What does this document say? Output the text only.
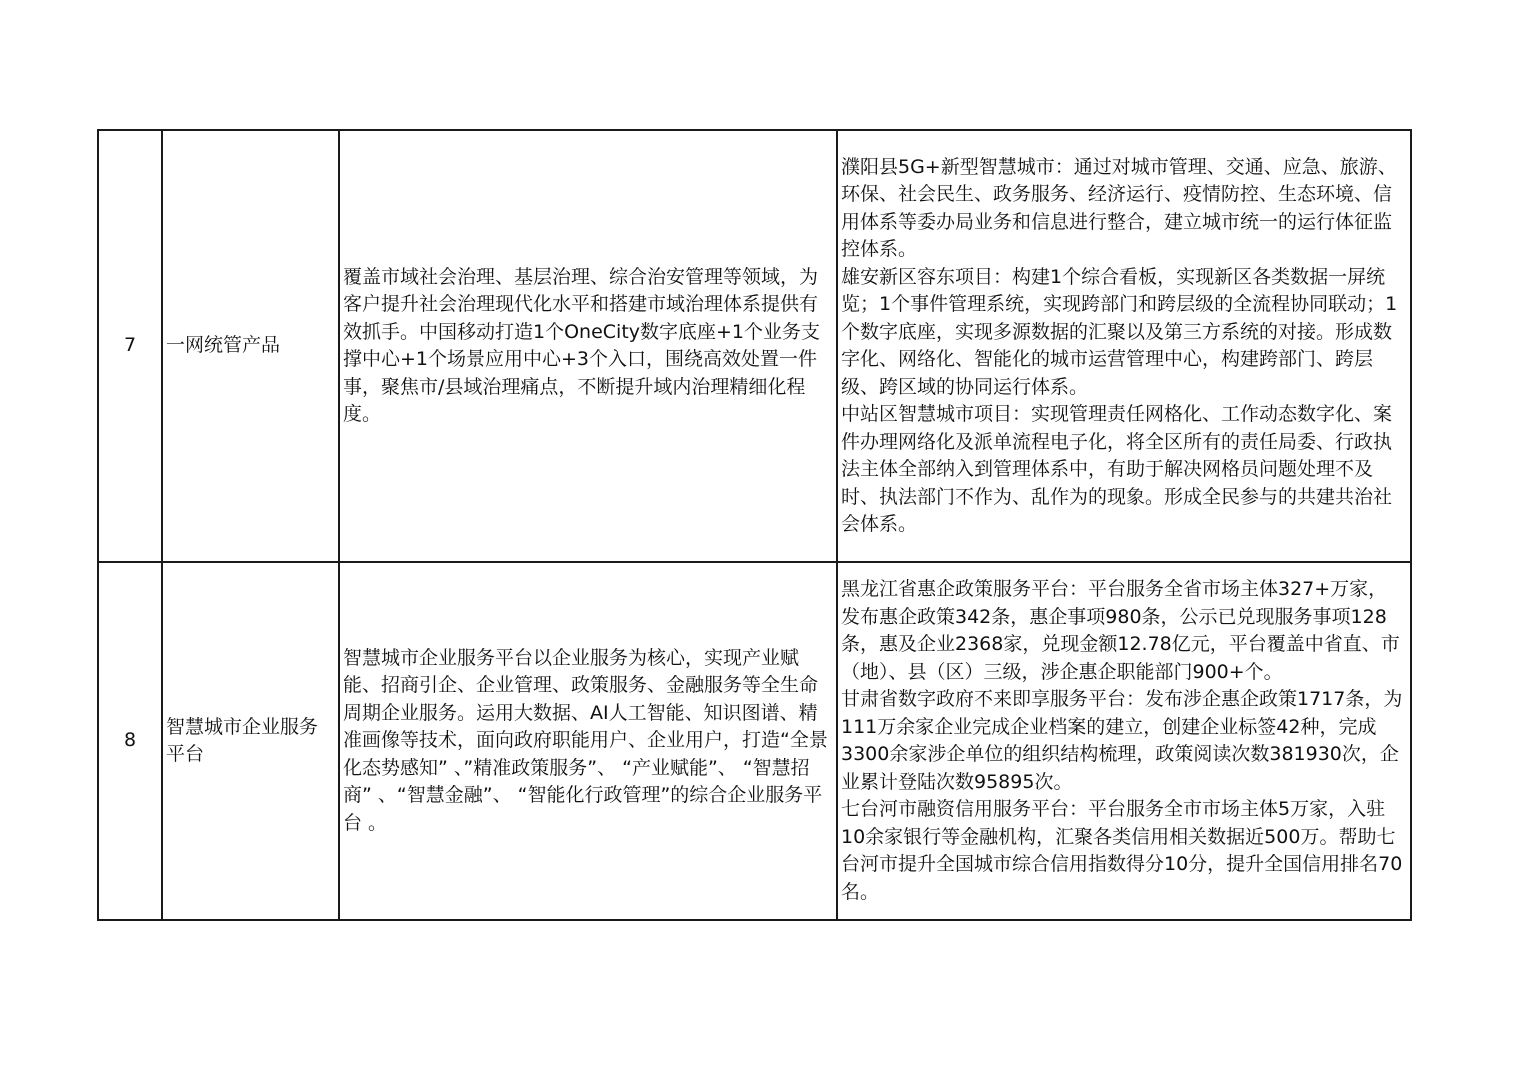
7	一网统管产品	覆盖市域社会治理、基层治理、综合治安管理等领域，为客户提升社会治理现代化水平和搭建市域治理体系提供有效抓手。中国移动打造1个OneCity数字底座+1个业务支撑中心+1个场景应用中心+3个入口，围绕高效处置一件事，聚焦市/县域治理痛点，不断提升域内治理精细化程度。	濮阳县5G+新型智慧城市：通过对城市管理、交通、应急、旅游、环保、社会民生、政务服务、经济运行、疫情防控、生态环境、信用体系等委办局业务和信息进行整合，建立城市统一的运行体征监控体系。
雄安新区容东项目：构建1个综合看板，实现新区各类数据一屏统览；1个事件管理系统，实现跨部门和跨层级的全流程协同联动；1个数字底座，实现多源数据的汇聚以及第三方系统的对接。形成数字化、网络化、智能化的城市运营管理中心，构建跨部门、跨层级、跨区域的协同运行体系。
中站区智慧城市项目：实现管理责任网格化、工作动态数字化、案件办理网络化及派单流程电子化，将全区所有的责任局委、行政执法主体全部纳入到管理体系中，有助于解决网格员问题处理不及时、执法部门不作为、乱作为的现象。形成全民参与的共建共治社会体系。

8	智慧城市企业服务平台	智慧城市企业服务平台以企业服务为核心，实现产业赋能、招商引企、企业管理、政策服务、金融服务等全生命周期企业服务。运用大数据、AI人工智能、知识图谱、精准画像等技术，面向政府职能用户、企业用户，打造“全景化态势感知” 、”精准政策服务”、 “产业赋能”、 “智慧招商” 、“智慧金融”、 “智能化行政管理”的综合企业服务平台 。	黑龙江省惠企政策服务平台：平台服务全省市场主体327+万家，发布惠企政策342条，惠企事项980条，公示已兑现服务事项128条，惠及企业2368家，兑现金额12.78亿元，平台覆盖中省直、市（地）、县（区）三级，涉企惠企职能部门900+个。
甘肃省数字政府不来即享服务平台：发布涉企惠企政策1717条，为111万余家企业完成企业档案的建立，创建企业标签42种，完成3300余家涉企单位的组织结构梳理，政策阅读次数381930次，企业累计登陆次数95895次。
七台河市融资信用服务平台：平台服务全市市场主体5万家，入驻10余家银行等金融机构，汇聚各类信用相关数据近500万。帮助七台河市提升全国城市综合信用指数得分10分，提升全国信用排名70名。
